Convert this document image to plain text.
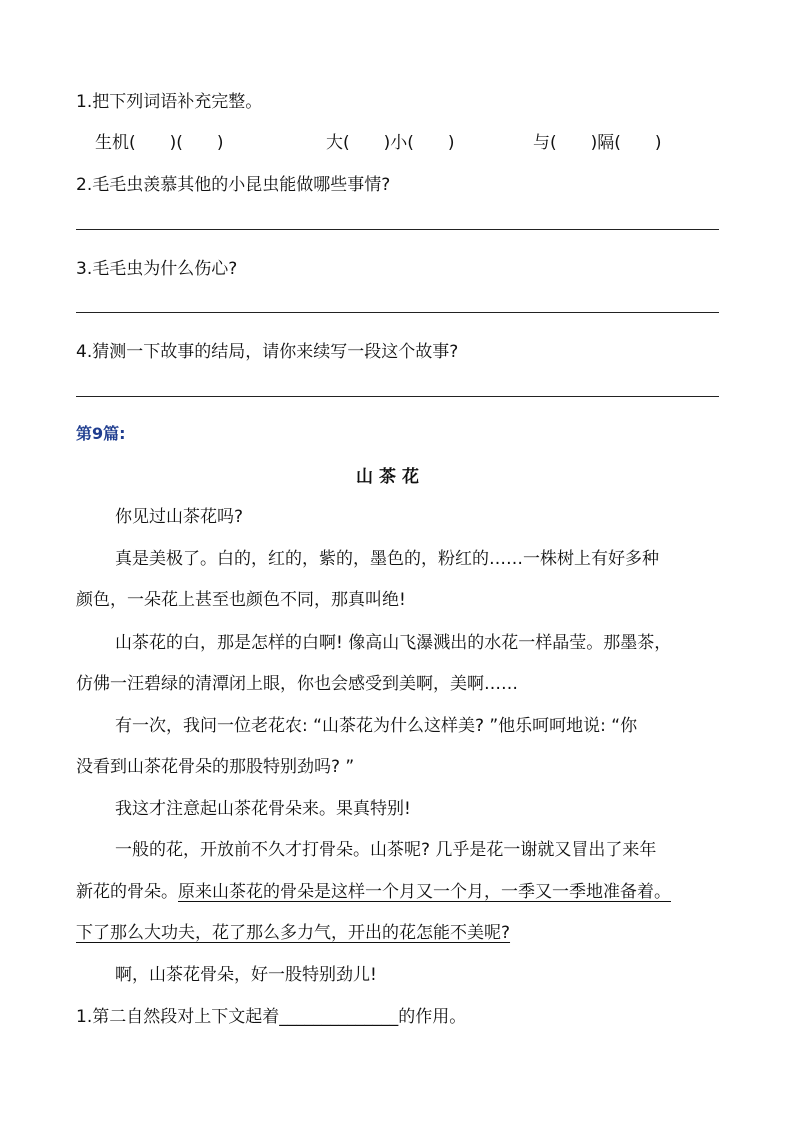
1.把下列词语补充完整。
生机(  )(  )	大(  )小(  )	与(  )隔(  )
2.毛毛虫羡慕其他的小昆虫能做哪些事情?
3.毛毛虫为什么伤心?
4.猜测一下故事的结局，请你来续写一段这个故事?
第9篇:
山茶花
你见过山茶花吗?
真是美极了。白的，红的，紫的，墨色的，粉红的……一株树上有好多种
颜色，一朵花上甚至也颜色不同，那真叫绝!
山茶花的白，那是怎样的白啊! 像高山飞瀑溅出的水花一样晶莹。那墨茶，
仿佛一汪碧绿的清潭闭上眼，你也会感受到美啊，美啊……
有一次，我问一位老花农: “山茶花为什么这样美? ”他乐呵呵地说: “你
没看到山茶花骨朵的那股特别劲吗? ”
我这才注意起山茶花骨朵来。果真特别!
一般的花，开放前不久才打骨朵。山茶呢? 几乎是花一谢就又冒出了来年
新花的骨朵。原来山茶花的骨朵是这样一个月又一个月，一季又一季地准备着。
下了那么大功夫，花了那么多力气，开出的花怎能不美呢?
啊，山茶花骨朵，好一股特别劲儿!
1.第二自然段对上下文起着______________的作用。
